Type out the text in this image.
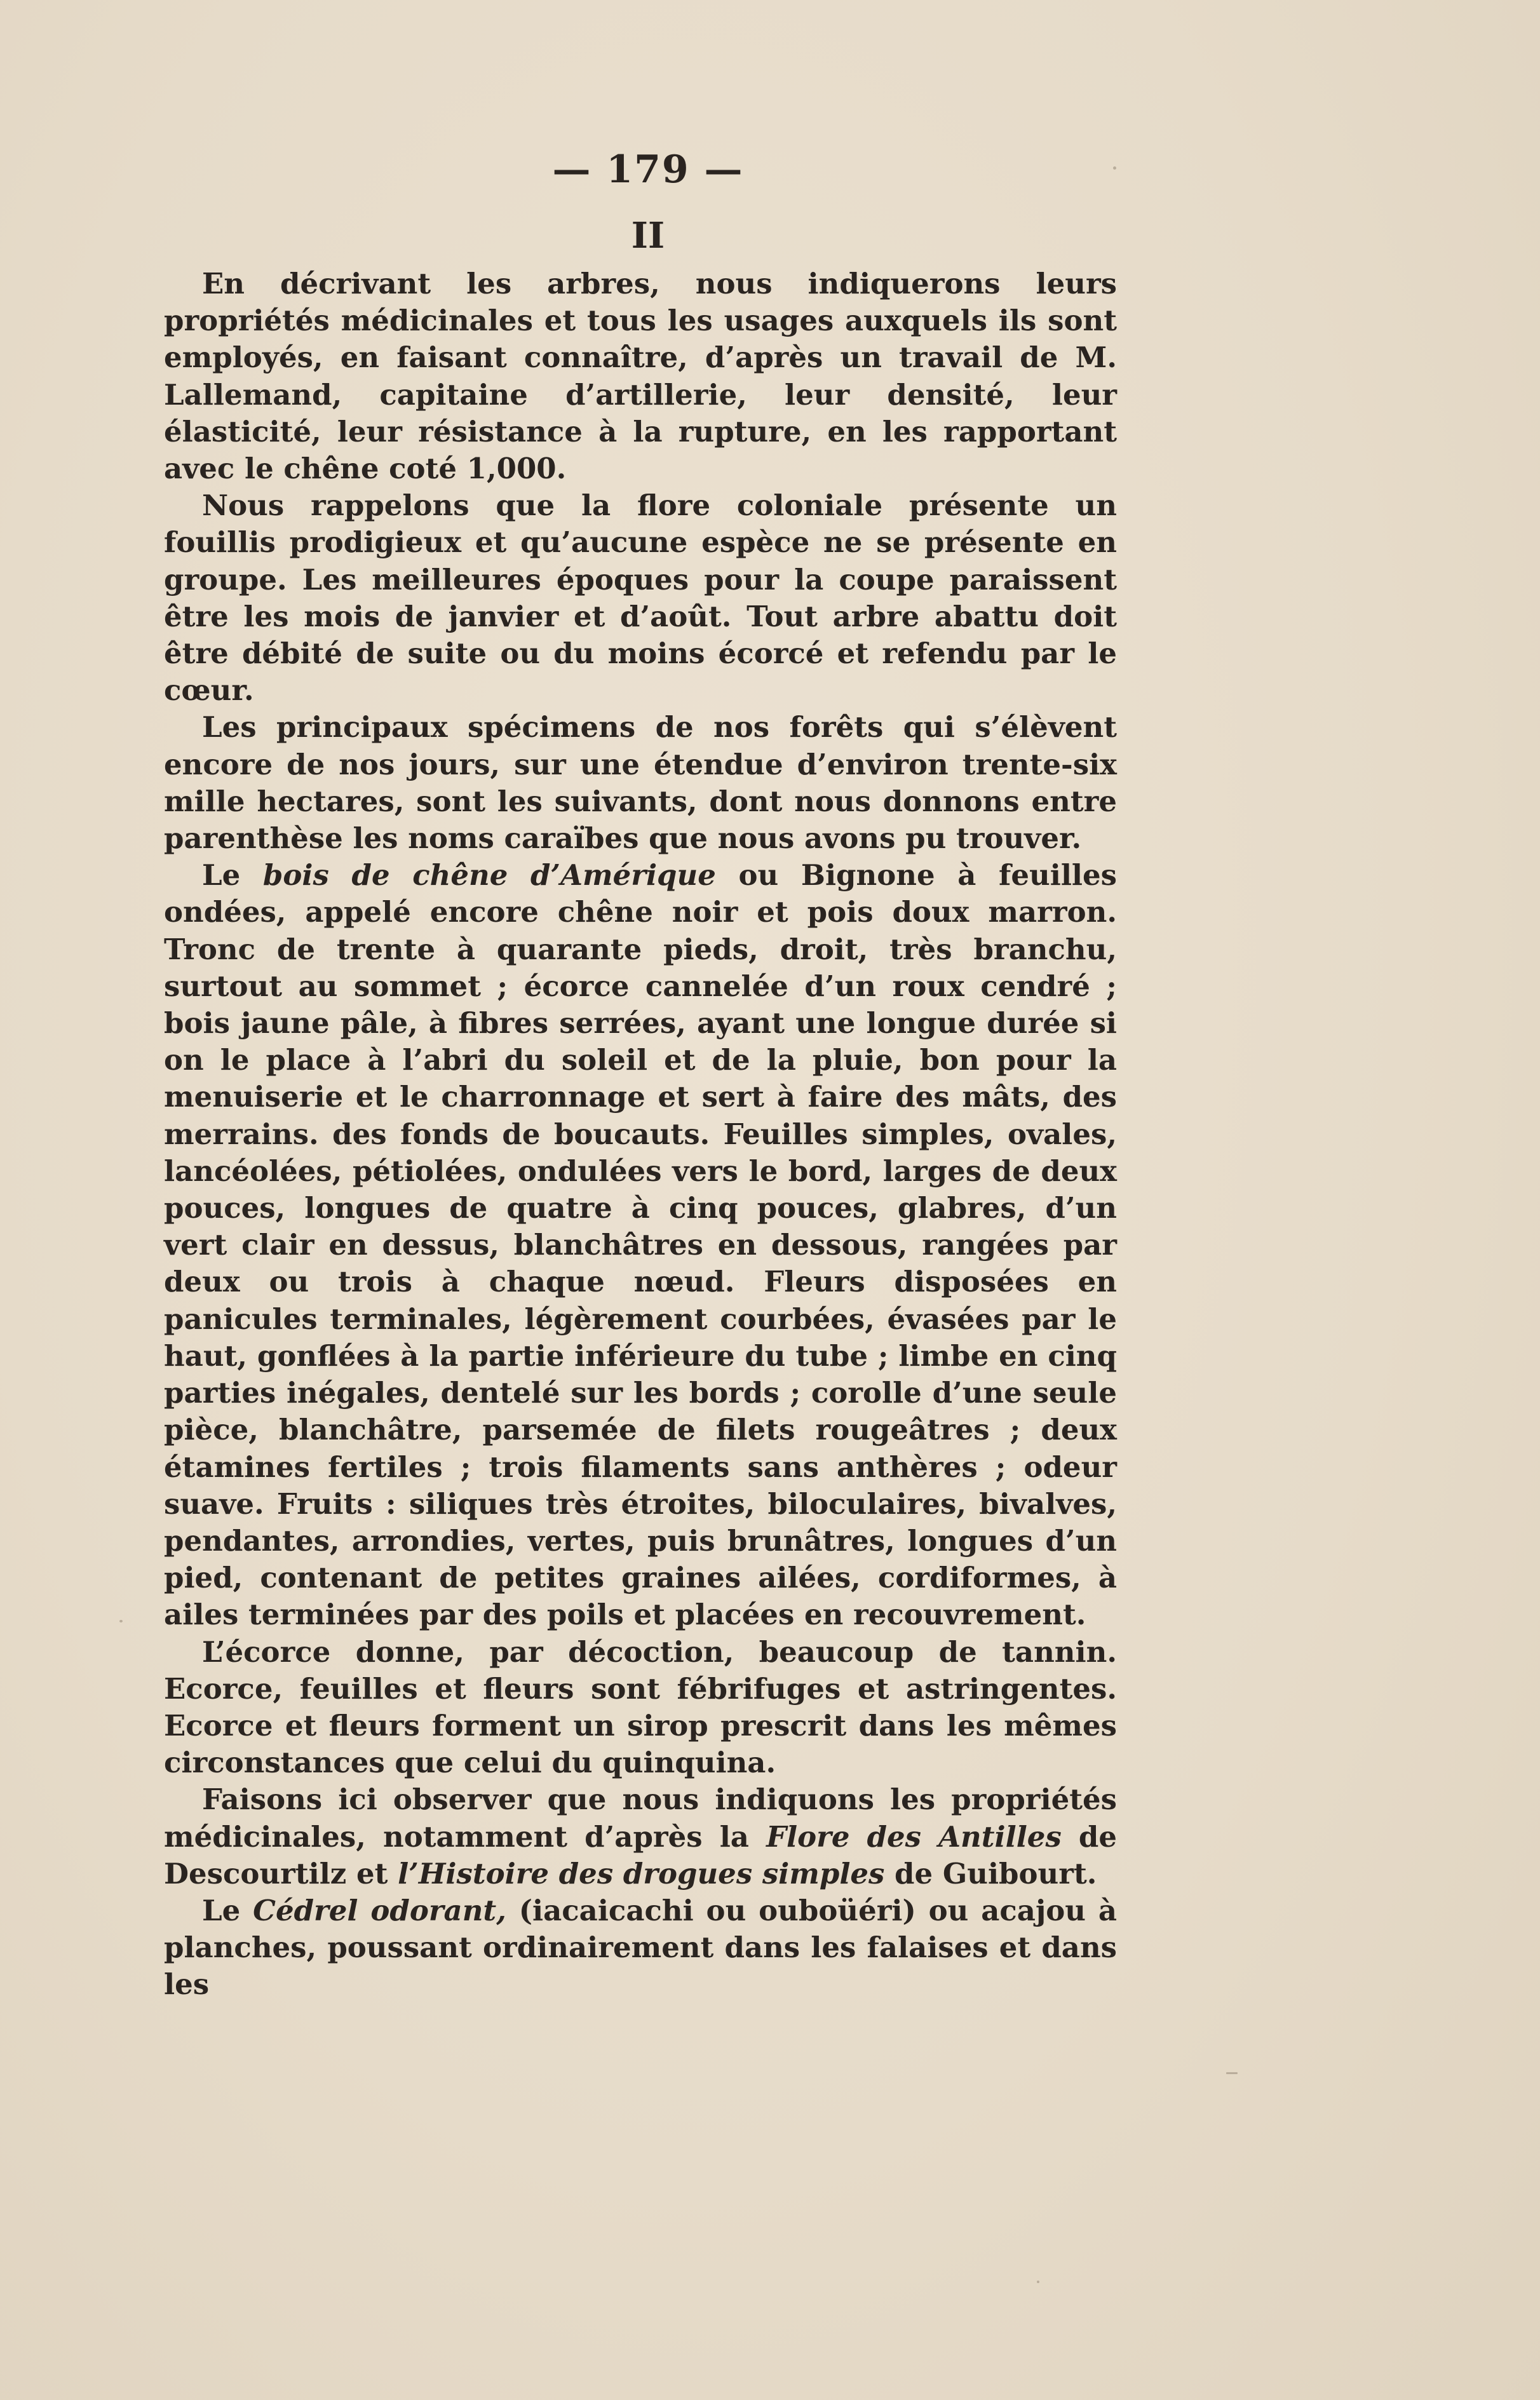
— 179 —
II

En décrivant les arbres, nous indiquerons leurs propriétés médicinales et tous les usages auxquels ils sont employés, en faisant connaître, d’après un travail de M. Lallemand, capitaine d’artillerie, leur densité, leur élasticité, leur résistance à la rupture, en les rapportant avec le chêne coté 1,000.

Nous rappelons que la flore coloniale présente un fouillis prodigieux et qu’aucune espèce ne se présente en groupe. Les meilleures époques pour la coupe paraissent être les mois de janvier et d’août. Tout arbre abattu doit être débité de suite ou du moins écorcé et refendu par le cœur.

Les principaux spécimens de nos forêts qui s’élèvent encore de nos jours, sur une étendue d’environ trente-six mille hectares, sont les suivants, dont nous donnons entre parenthèse les noms caraïbes que nous avons pu trouver.

Le bois de chêne d’Amérique ou Bignone à feuilles ondées, appelé encore chêne noir et pois doux marron. Tronc de trente à quarante pieds, droit, très branchu, surtout au sommet ; écorce cannelée d’un roux cendré ; bois jaune pâle, à fibres serrées, ayant une longue durée si on le place à l’abri du soleil et de la pluie, bon pour la menuiserie et le charronnage et sert à faire des mâts, des merrains. des fonds de boucauts. Feuilles simples, ovales, lancéolées, pétiolées, ondulées vers le bord, larges de deux pouces, longues de quatre à cinq pouces, glabres, d’un vert clair en dessus, blanchâtres en dessous, rangées par deux ou trois à chaque nœud. Fleurs disposées en panicules terminales, légèrement courbées, évasées par le haut, gonflées à la partie inférieure du tube ; limbe en cinq parties inégales, dentelé sur les bords ; corolle d’une seule pièce, blanchâtre, parsemée de filets rougeâtres ; deux étamines fertiles ; trois filaments sans anthères ; odeur suave. Fruits : siliques très étroites, biloculaires, bivalves, pendantes, arrondies, vertes, puis brunâtres, longues d’un pied, contenant de petites graines ailées, cordiformes, à ailes terminées par des poils et placées en recouvrement.

L’écorce donne, par décoction, beaucoup de tannin. Ecorce, feuilles et fleurs sont fébrifuges et astringentes. Ecorce et fleurs forment un sirop prescrit dans les mêmes circonstances que celui du quinquina.

Faisons ici observer que nous indiquons les propriétés médicinales, notamment d’après la Flore des Antilles de Descourtilz et l’Histoire des drogues simples de Guibourt.

Le Cédrel odorant, (iacaicachi ou ouboüéri) ou acajou à planches, poussant ordinairement dans les falaises et dans les
